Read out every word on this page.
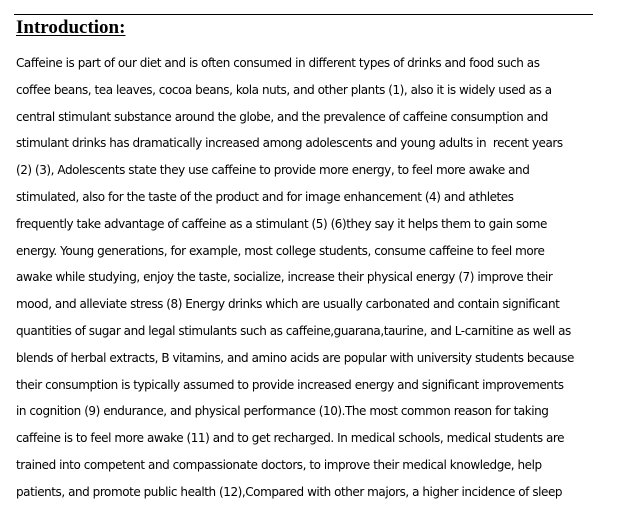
Introduction:
Caffeine is part of our diet and is often consumed in different types of drinks and food such as
coffee beans, tea leaves, cocoa beans, kola nuts, and other plants (1), also it is widely used as a
central stimulant substance around the globe, and the prevalence of caffeine consumption and
stimulant drinks has dramatically increased among adolescents and young adults in  recent years
(2) (3), Adolescents state they use caffeine to provide more energy, to feel more awake and
stimulated, also for the taste of the product and for image enhancement (4) and athletes
frequently take advantage of caffeine as a stimulant (5) (6)they say it helps them to gain some
energy. Young generations, for example, most college students, consume caffeine to feel more
awake while studying, enjoy the taste, socialize, increase their physical energy (7) improve their
mood, and alleviate stress (8) Energy drinks which are usually carbonated and contain significant
quantities of sugar and legal stimulants such as caffeine,guarana,taurine, and L-carnitine as well as
blends of herbal extracts, B vitamins, and amino acids are popular with university students because
their consumption is typically assumed to provide increased energy and significant improvements
in cognition (9) endurance, and physical performance (10).The most common reason for taking
caffeine is to feel more awake (11) and to get recharged. In medical schools, medical students are
trained into competent and compassionate doctors, to improve their medical knowledge, help
patients, and promote public health (12),Compared with other majors, a higher incidence of sleep
